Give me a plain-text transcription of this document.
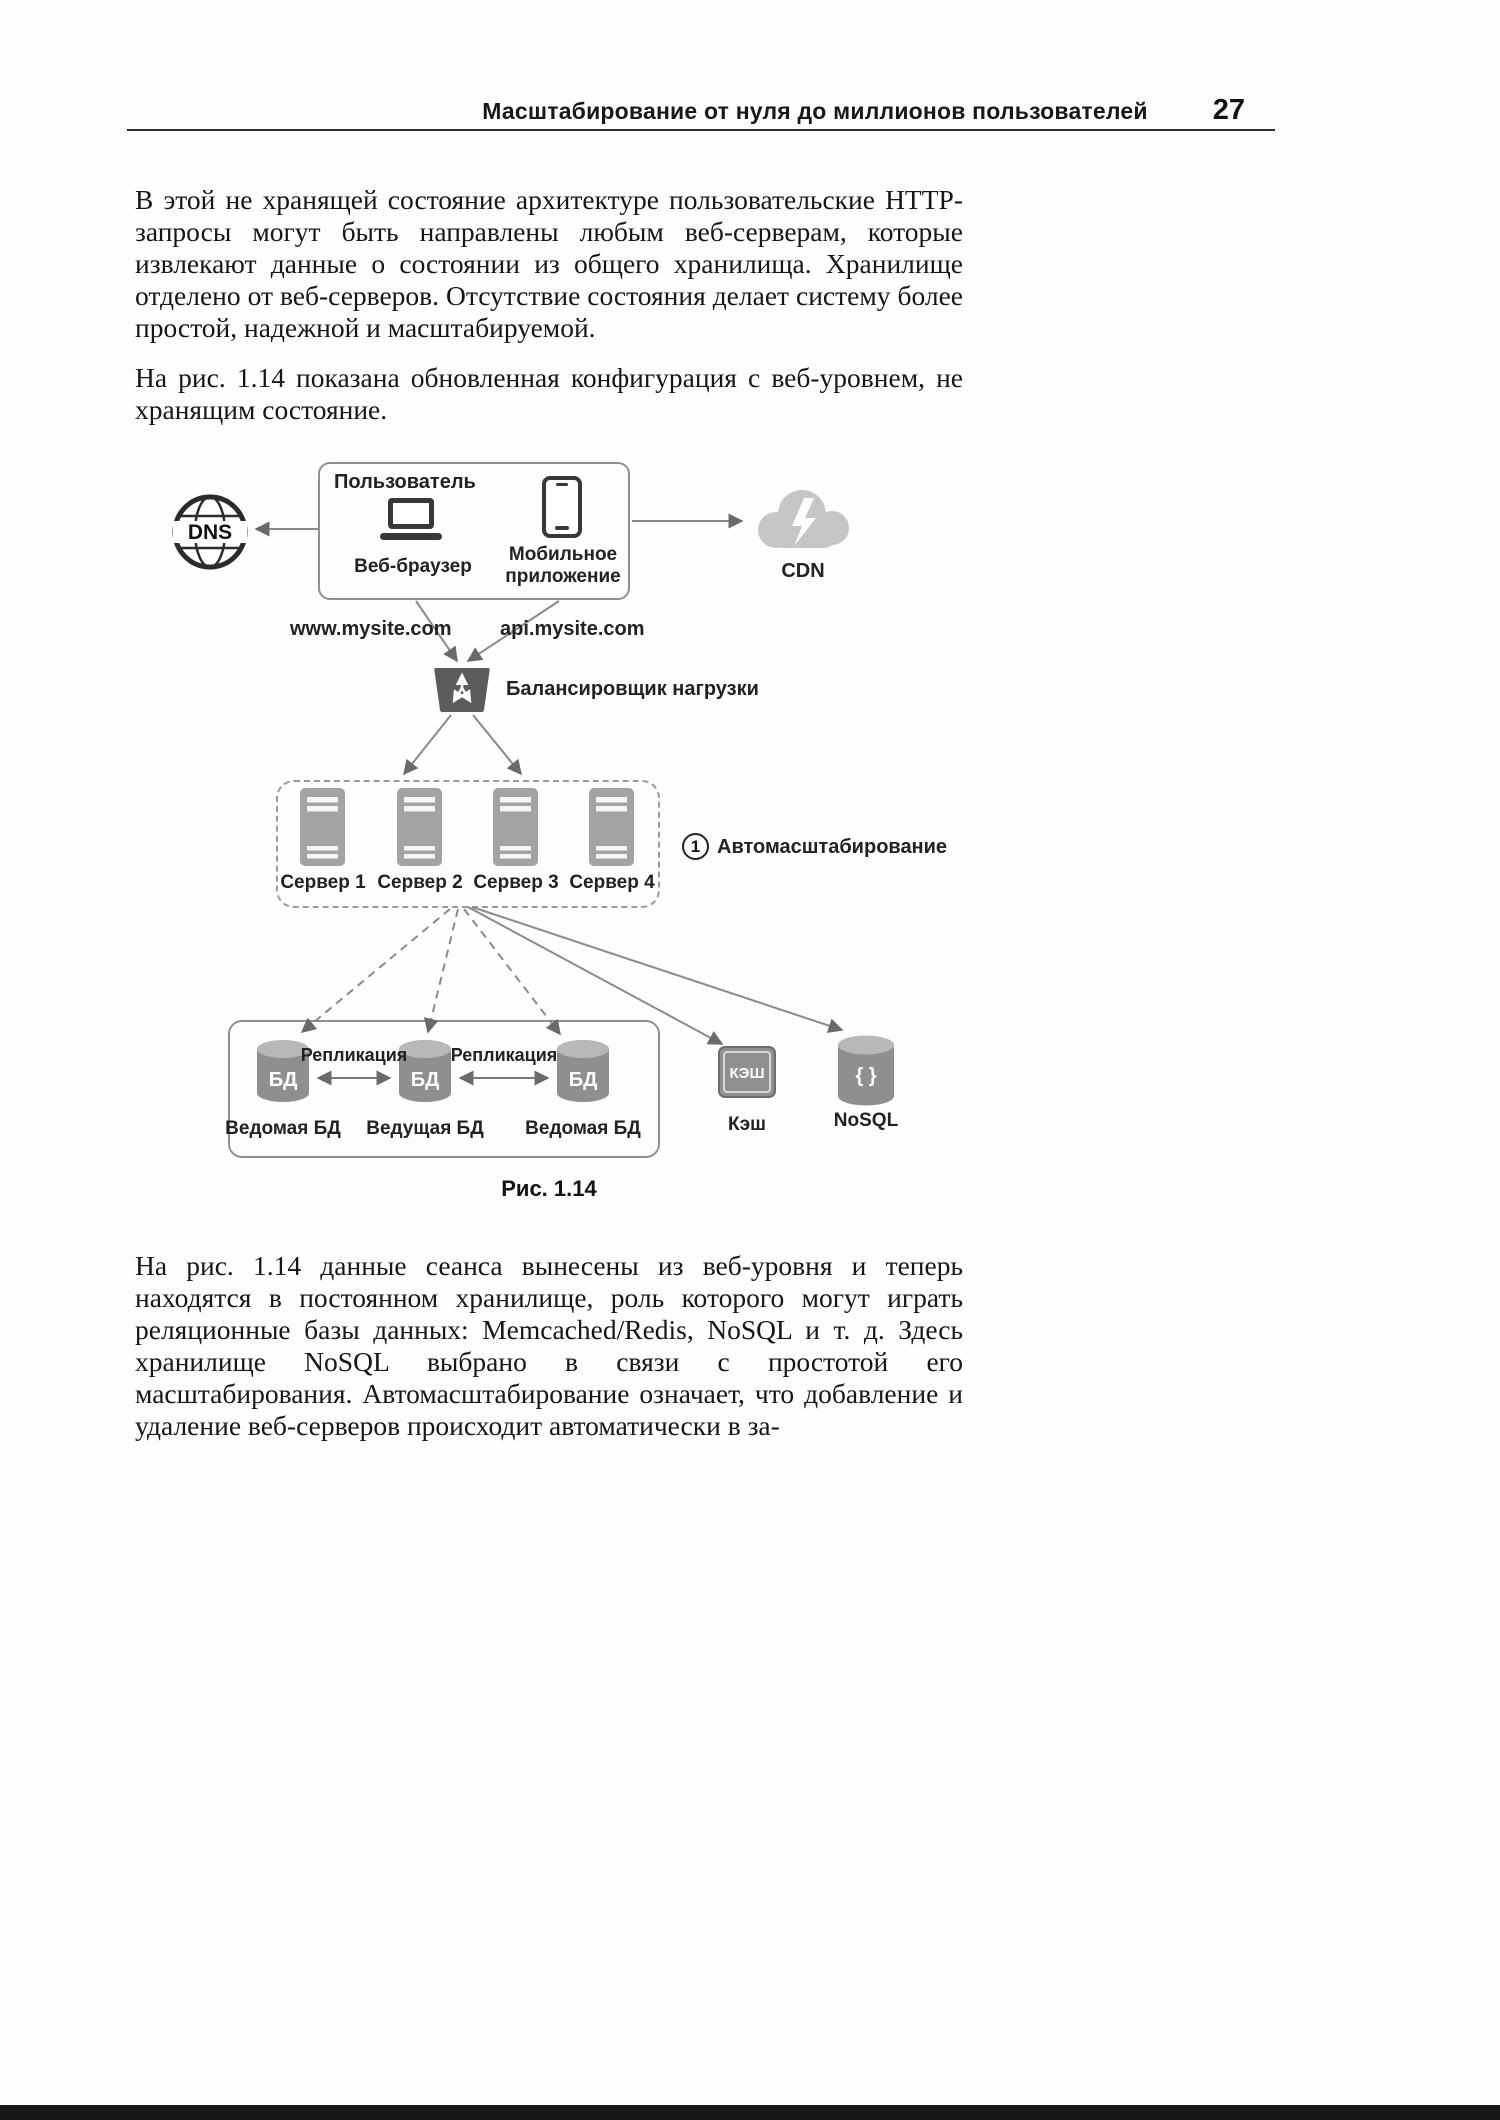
Масштабирование от нуля до миллионов пользователей 27
В этой не хранящей состояние архитектуре пользовательские HTTP-запросы могут быть направлены любым веб-серверам, которые извлекают данные о состоянии из общего хранилища. Хранилище отделено от веб-серверов. Отсутствие состояния делает систему более простой, надежной и масштабируемой.
На рис. 1.14 показана обновленная конфигурация с веб-уровнем, не хранящим состояние.
На рис. 1.14 данные сеанса вынесены из веб-уровня и теперь находятся в постоянном хранилище, роль которого могут играть реляционные базы данных: Memcached/Redis, NoSQL и т. д. Здесь хранилище NoSQL выбрано в связи с простотой его масштабирования. Автомасштабирование означает, что добавление и удаление веб-серверов происходит автоматически в за-
DNS
Пользователь
Веб-браузер
Мобильное приложение	CDN
www.mysite.com api.mysite.com
Балансировщик нагрузки
Сервер 1 Сервер 2 Сервер 3 Сервер 4
1 Автомасштабирование
БД	БД	БД
Репликация	Репликация
Ведомая БД	Ведущая БД	Ведомая БД
КЭШ
Кэш
{ }
NoSQL
Рис. 1.14
